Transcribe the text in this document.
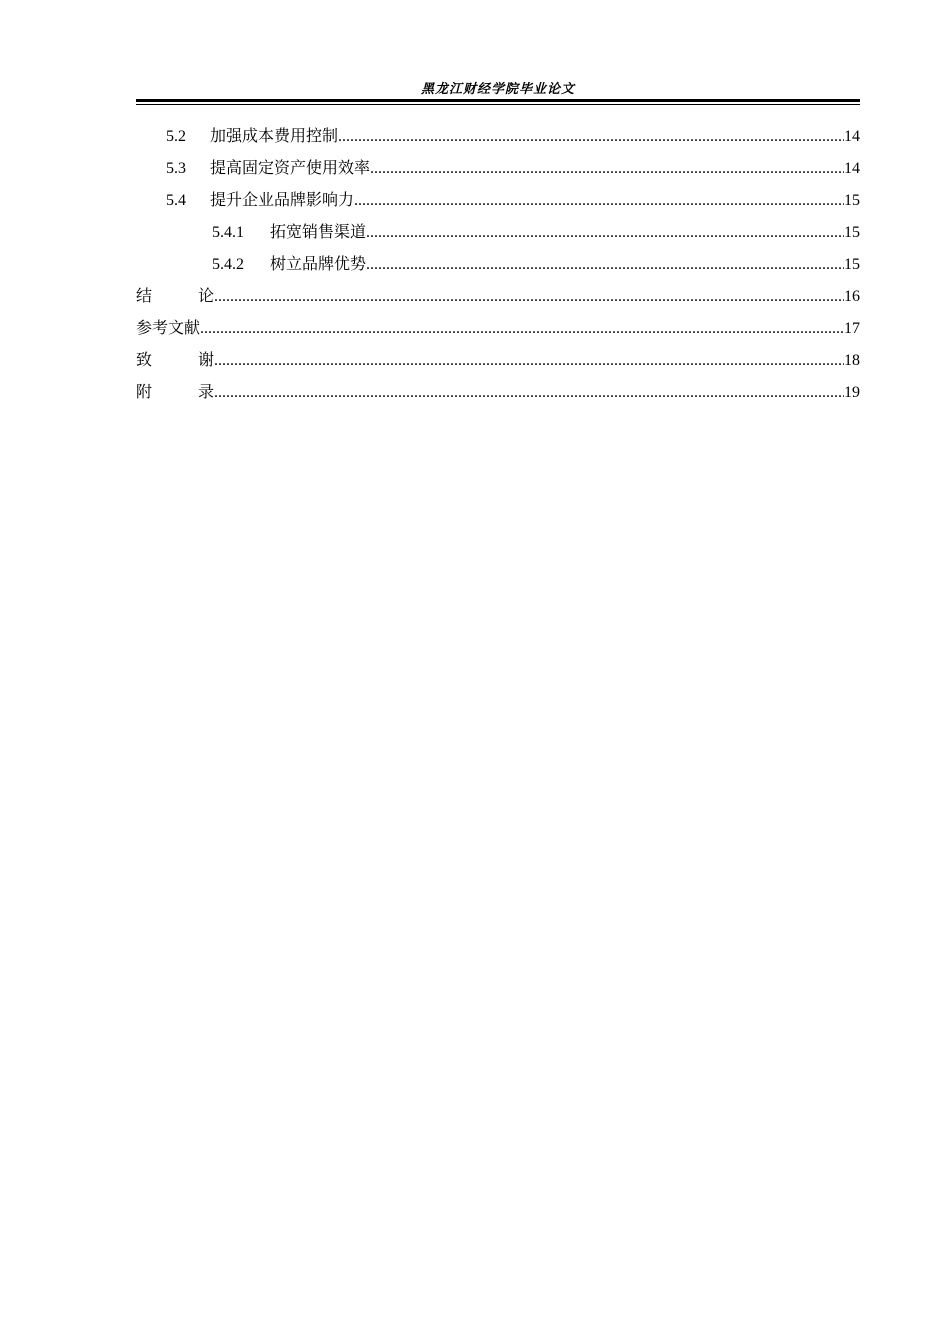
黑龙江财经学院毕业论文
5.2	加强成本费用控制 .....	14
5.3	提高固定资产使用效率 .....	14
5.4	提升企业品牌影响力 .....	15
5.4.1	拓宽销售渠道 .....	15
5.4.2	树立品牌优势 .....	15
结	论 .....	16
参考文献 .....	17
致	谢 .....	18
附	录 .....	19
